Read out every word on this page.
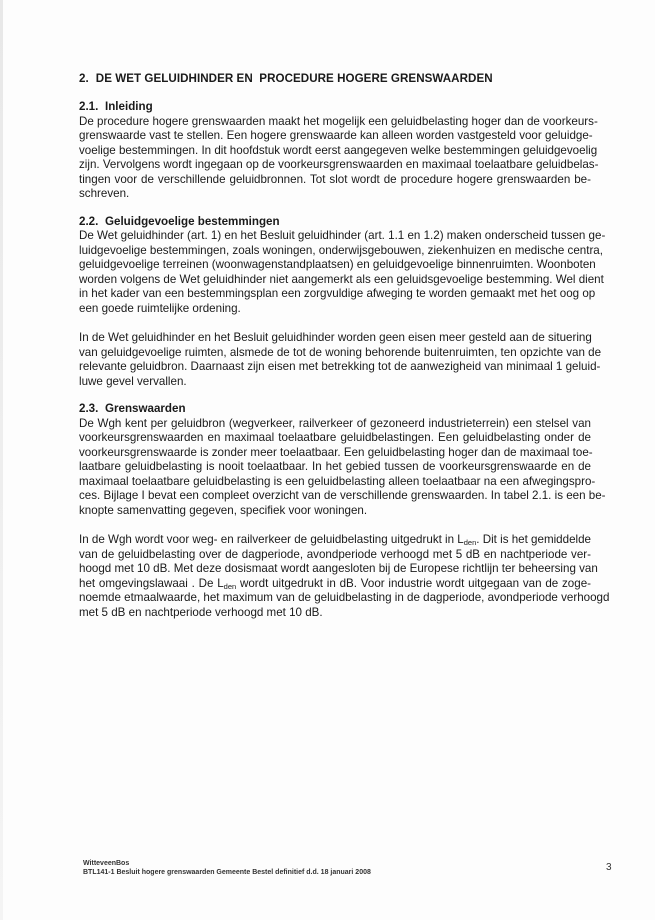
2. DE WET GELUIDHINDER EN  PROCEDURE HOGERE GRENSWAARDEN
2.1. Inleiding

De procedure hogere grenswaarden maakt het mogelijk een geluidbelasting hoger dan de voorkeurs-
grenswaarde vast te stellen. Een hogere grenswaarde kan alleen worden vastgesteld voor geluidge-
voelige bestemmingen. In dit hoofdstuk wordt eerst aangegeven welke bestemmingen geluidgevoelig
zijn. Vervolgens wordt ingegaan op de voorkeursgrenswaarden en maximaal toelaatbare geluidbelas-
tingen voor de verschillende geluidbronnen. Tot slot wordt de procedure hogere grenswaarden be-
schreven.

2.2. Geluidgevoelige bestemmingen

De Wet geluidhinder (art. 1) en het Besluit geluidhinder (art. 1.1 en 1.2) maken onderscheid tussen ge-
luidgevoelige bestemmingen, zoals woningen, onderwijsgebouwen, ziekenhuizen en medische centra,
geluidgevoelige terreinen (woonwagenstandplaatsen) en geluidgevoelige binnenruimten. Woonboten
worden volgens de Wet geluidhinder niet aangemerkt als een geluidsgevoelige bestemming. Wel dient
in het kader van een bestemmingsplan een zorgvuldige afweging te worden gemaakt met het oog op
een goede ruimtelijke ordening.

In de Wet geluidhinder en het Besluit geluidhinder worden geen eisen meer gesteld aan de situering
van geluidgevoelige ruimten, alsmede de tot de woning behorende buitenruimten, ten opzichte van de
relevante geluidbron. Daarnaast zijn eisen met betrekking tot de aanwezigheid van minimaal 1 geluid-
luwe gevel vervallen.

2.3. Grenswaarden

De Wgh kent per geluidbron (wegverkeer, railverkeer of gezoneerd industrieterrein) een stelsel van
voorkeursgrenswaarden en maximaal toelaatbare geluidbelastingen. Een geluidbelasting onder de
voorkeursgrenswaarde is zonder meer toelaatbaar. Een geluidbelasting hoger dan de maximaal toe-
laatbare geluidbelasting is nooit toelaatbaar. In het gebied tussen de voorkeursgrenswaarde en de
maximaal toelaatbare geluidbelasting is een geluidbelasting alleen toelaatbaar na een afwegingspro-
ces. Bijlage I bevat een compleet overzicht van de verschillende grenswaarden. In tabel 2.1. is een be-
knopte samenvatting gegeven, specifiek voor woningen.

In de Wgh wordt voor weg- en railverkeer de geluidbelasting uitgedrukt in $L_{den}$. Dit is het gemiddelde
van de geluidbelasting over de dagperiode, avondperiode verhoogd met 5 dB en nachtperiode ver-
hoogd met 10 dB. Met deze dosismaat wordt aangesloten bij de Europese richtlijn ter beheersing van
het omgevingslawaai . De $L_{den}$ wordt uitgedrukt in dB. Voor industrie wordt uitgegaan van de zoge-
noemde etmaalwaarde, het maximum van de geluidbelasting in de dagperiode, avondperiode verhoogd
met 5 dB en nachtperiode verhoogd met 10 dB.

WitteveenBos
BTL141-1 Besluit hogere grenswaarden Gemeente Bestel definitief d.d. 18 januari 2008	3
